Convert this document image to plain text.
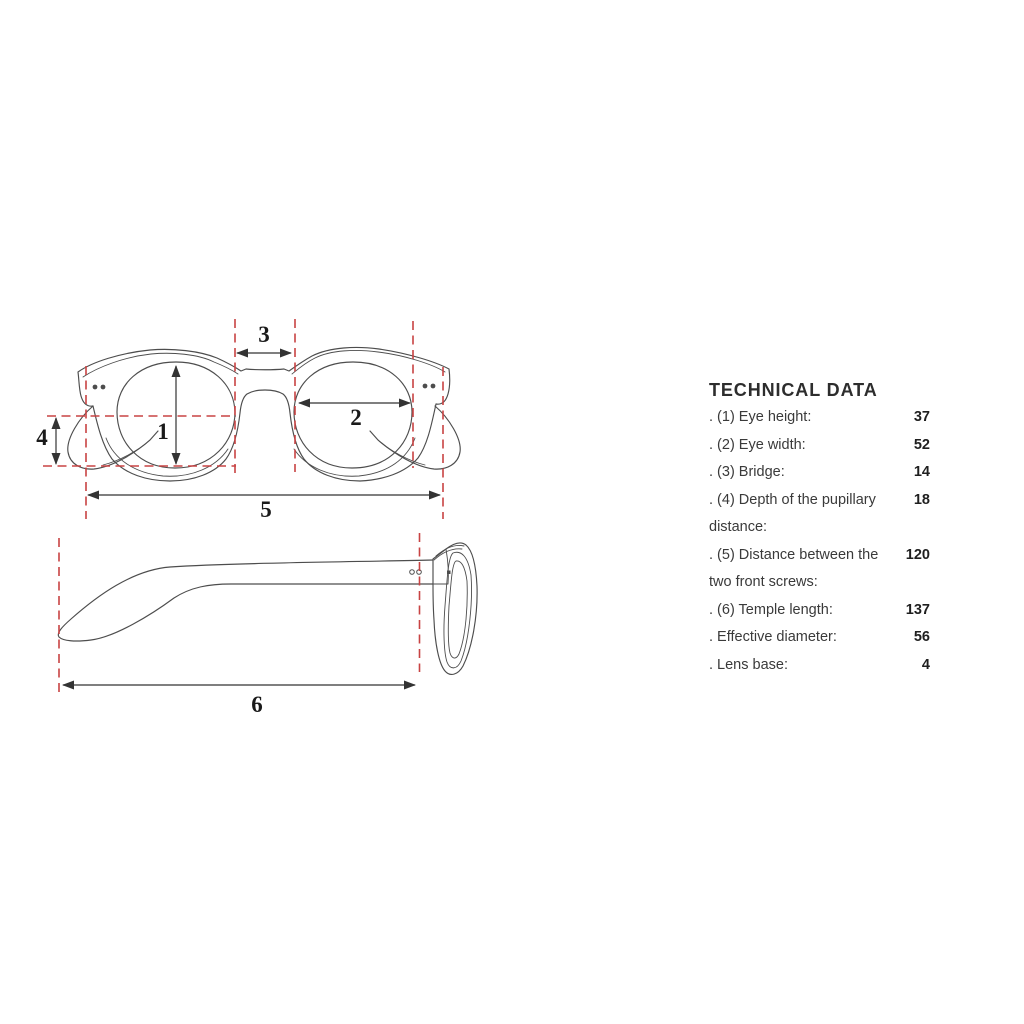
1
2
3
4
5
6
TECHNICAL DATA
. (1) Eye height:	37
. (2) Eye width:	52
. (3) Bridge:	14
. (4) Depth of the pupillary distance:
18
. (5) Distance between the two front screws:
120
. (6) Temple length:	137
. Effective diameter:	56
. Lens base:	4
